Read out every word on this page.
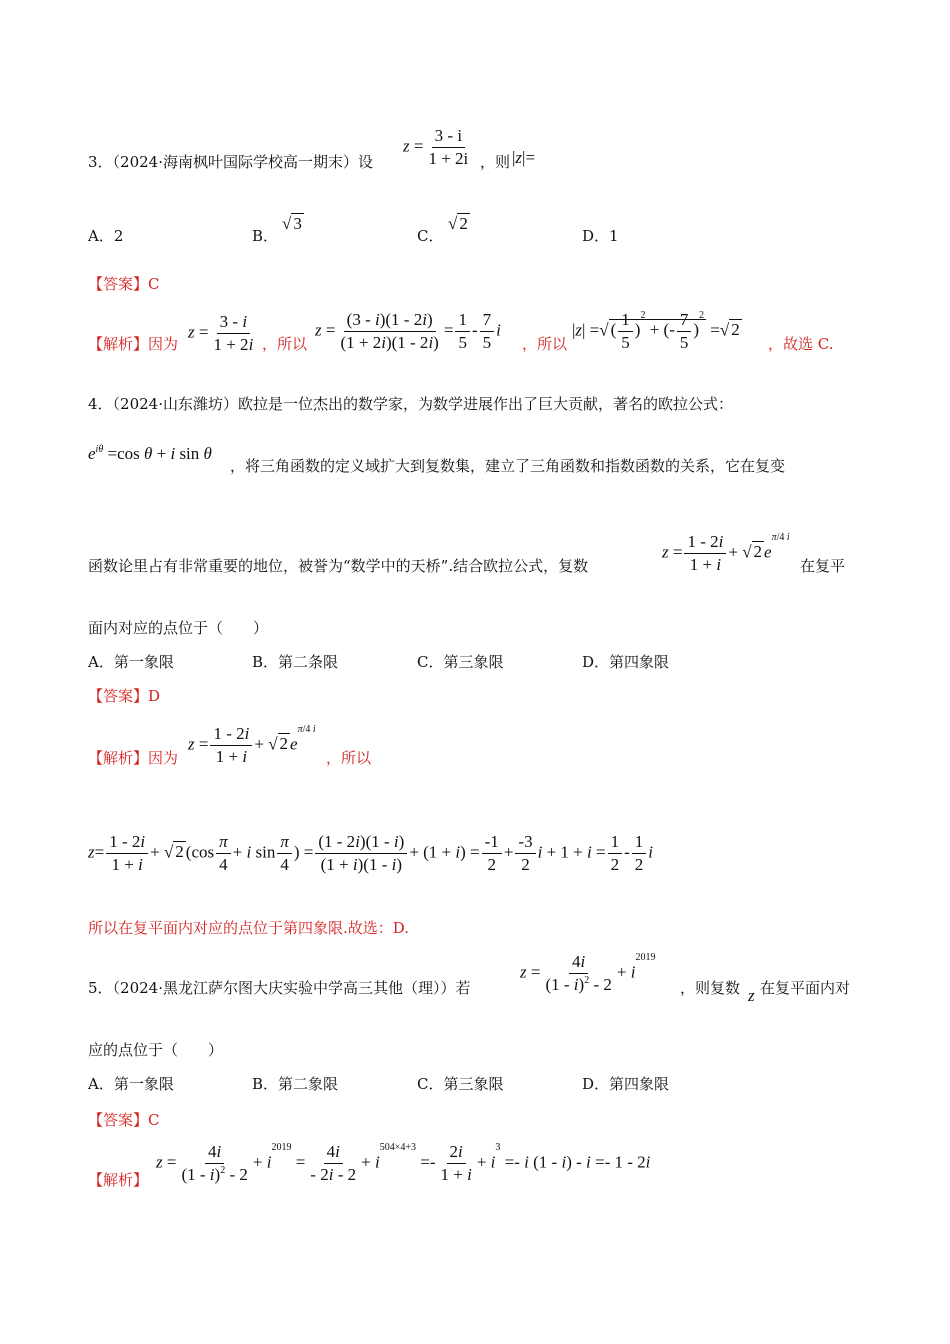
3．（2024·海南枫叶国际学校高一期末）设
$z = \frac{3 - i}{1 + 2i}$ ，则 |z|=
A．2	B．
√ 3
C．
√ 2
D．1
【答案】C
【解析】因为
$z = \frac{3 - i}{1 + 2i}$ ，所以
$z = \frac{(3 - i)(1 - 2i)}{(1 + 2i)(1 - 2i)} = \frac{1}{5} - \frac{7}{5}$ i
，所以
|z| =√ ( $\frac{1}{5} )^2$ + (- $\frac{7}{5} )^2$ =√ 2
，故选 C.
4．（2024·山东潍坊）欧拉是一位杰出的数学家，为数学进展作出了巨大贡献，著名的欧拉公式：
$e^{i\theta} =\cos$ θ + i sin θ
，将三角函数的定义域扩大到复数集，建立了三角函数和指数函数的关系，它在复变
函数论里占有非常重要的地位，被誉为“数学中的天桥”.结合欧拉公式，复数
$z = \frac{1 - 2i}{1 + i}$ + √ 2 $e^{\pi/4 i}$
在复平
面内对应的点位于（　　）
A．第一象限	B．第二条限	C．第三象限	D．第四象限
【答案】D
【解析】因为
$z = \frac{1 - 2i}{1 + i}$ + √ 2 $e^{\pi/4 i}$
，所以
$z= \frac{1 - 2i}{1 + i}$ + √ 2 ($\cos \frac{\pi}{4} + i$ $\sin \frac{\pi}{4}$ ) = $\frac{(1 - 2i)(1 - i)}{(1 + i)(1 - i)} + (1 + i) = \frac{-1}{2} + \frac{-3}{2}$ $i + 1 + i = \frac{1}{2} - \frac{1}{2}$ i
所以在复平面内对应的点位于第四象限.故选：D.
5．（2024·黑龙江萨尔图大庆实验中学高三其他（理））若
$z = \frac{4i}{(1 - i)^2 - 2} + i^{2019}$
，则复数 z 在复平面内对
应的点位于（　　）
A．第一象限	B．第二象限	C．第三象限	D．第四象限
【答案】C
【解析】
$z = \frac{4i}{(1 - i)^2 - 2} + i^{2019} = \frac{4i}{- 2i - 2} + i^{504\times 4+3} =- \frac{2i}{1 + i} + i^3 =- i$ (1 - i) - i =- 1 - 2i
